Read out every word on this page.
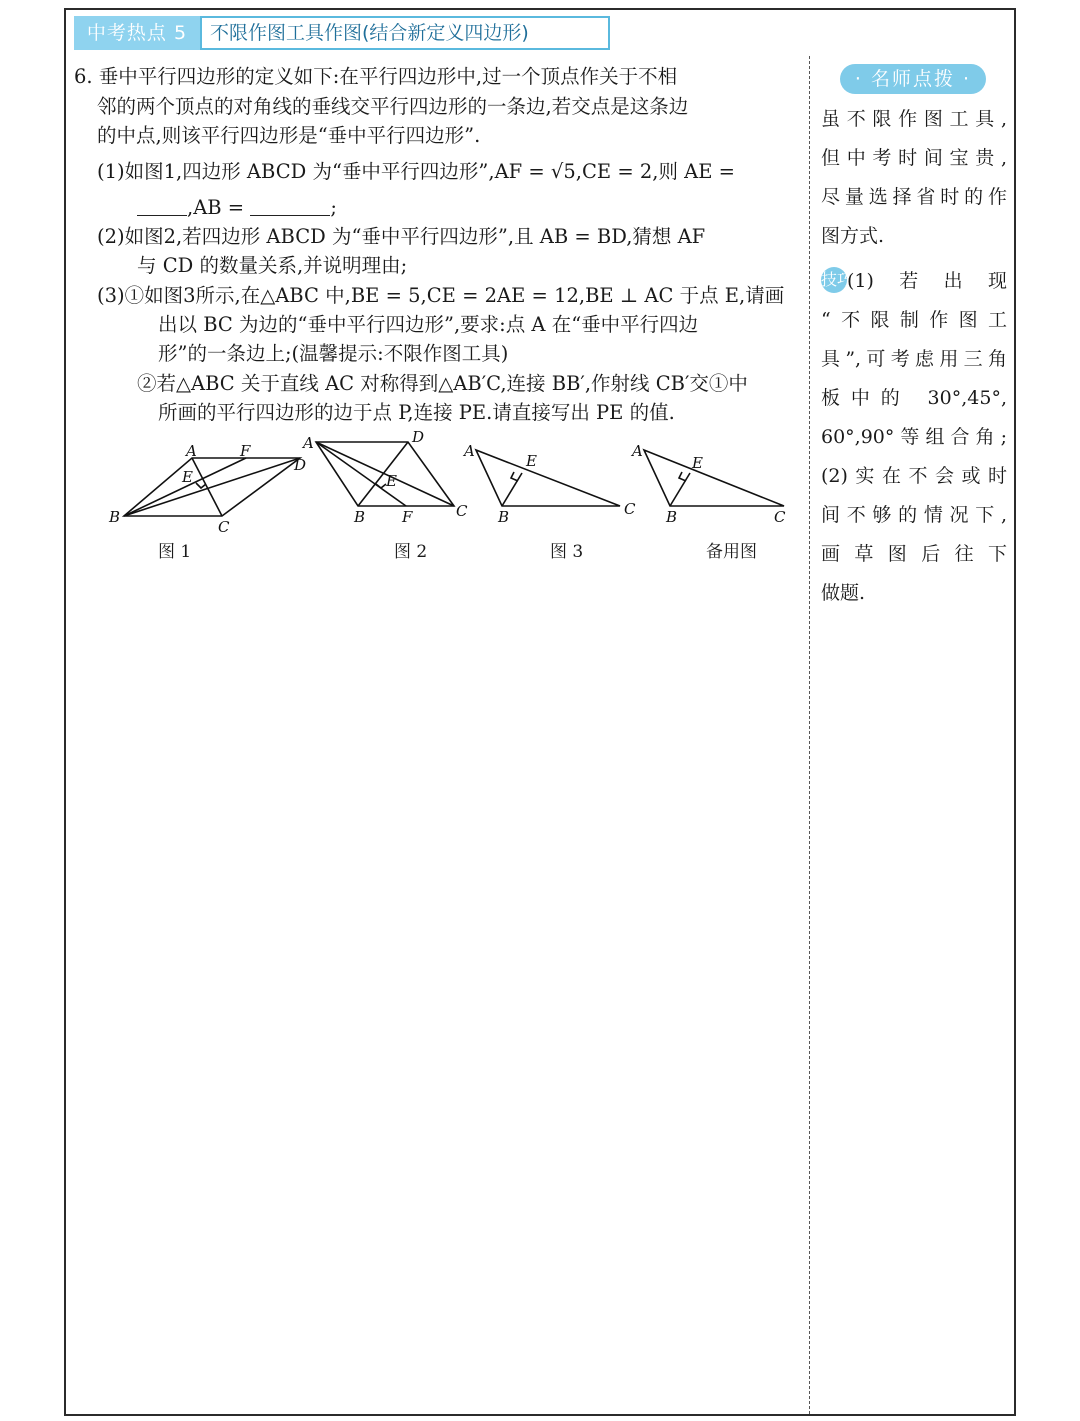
中考热点 5	不限作图工具作图(结合新定义四边形)
6. 垂中平行四边形的定义如下:在平行四边形中,过一个顶点作关于不相
邻的两个顶点的对角线的垂线交平行四边形的一条边,若交点是这条边
的中点,则该平行四边形是“垂中平行四边形”.
(1)如图1,四边形 ABCD 为“垂中平行四边形”,AF = √5,CE = 2,则 AE =
,AB =	;
(2)如图2,若四边形 ABCD 为“垂中平行四边形”,且 AB = BD,猜想 AF
与 CD 的数量关系,并说明理由;
(3)①如图3所示,在△ABC 中,BE = 5,CE = 2AE = 12,BE ⊥ AC 于点 E,请画
出以 BC 为边的“垂中平行四边形”,要求:点 A 在“垂中平行四边
形”的一条边上;(温馨提示:不限作图工具)
②若△ABC 关于直线 AC 对称得到△AB′C,连接 BB′,作射线 CB′交①中
所画的平行四边形的边于点 P,连接 PE.请直接写出 PE 的值.
A	F
D
E
B
C
图 1
A	D
E
B F	C
图 2
A
E
B	C
图 3
A
E
B	C
备用图
· 名师点拨 ·
虽不限作图工具,
但中考时间宝贵,
尽量选择省时的作
图方式.
技巧(1)若出现
“不限制作图工
具”,可考虑用三角
板中的 30°,45°,
60°,90°等组合角;
(2)实在不会或时
间不够的情况下,
画草图后往下
做题.
